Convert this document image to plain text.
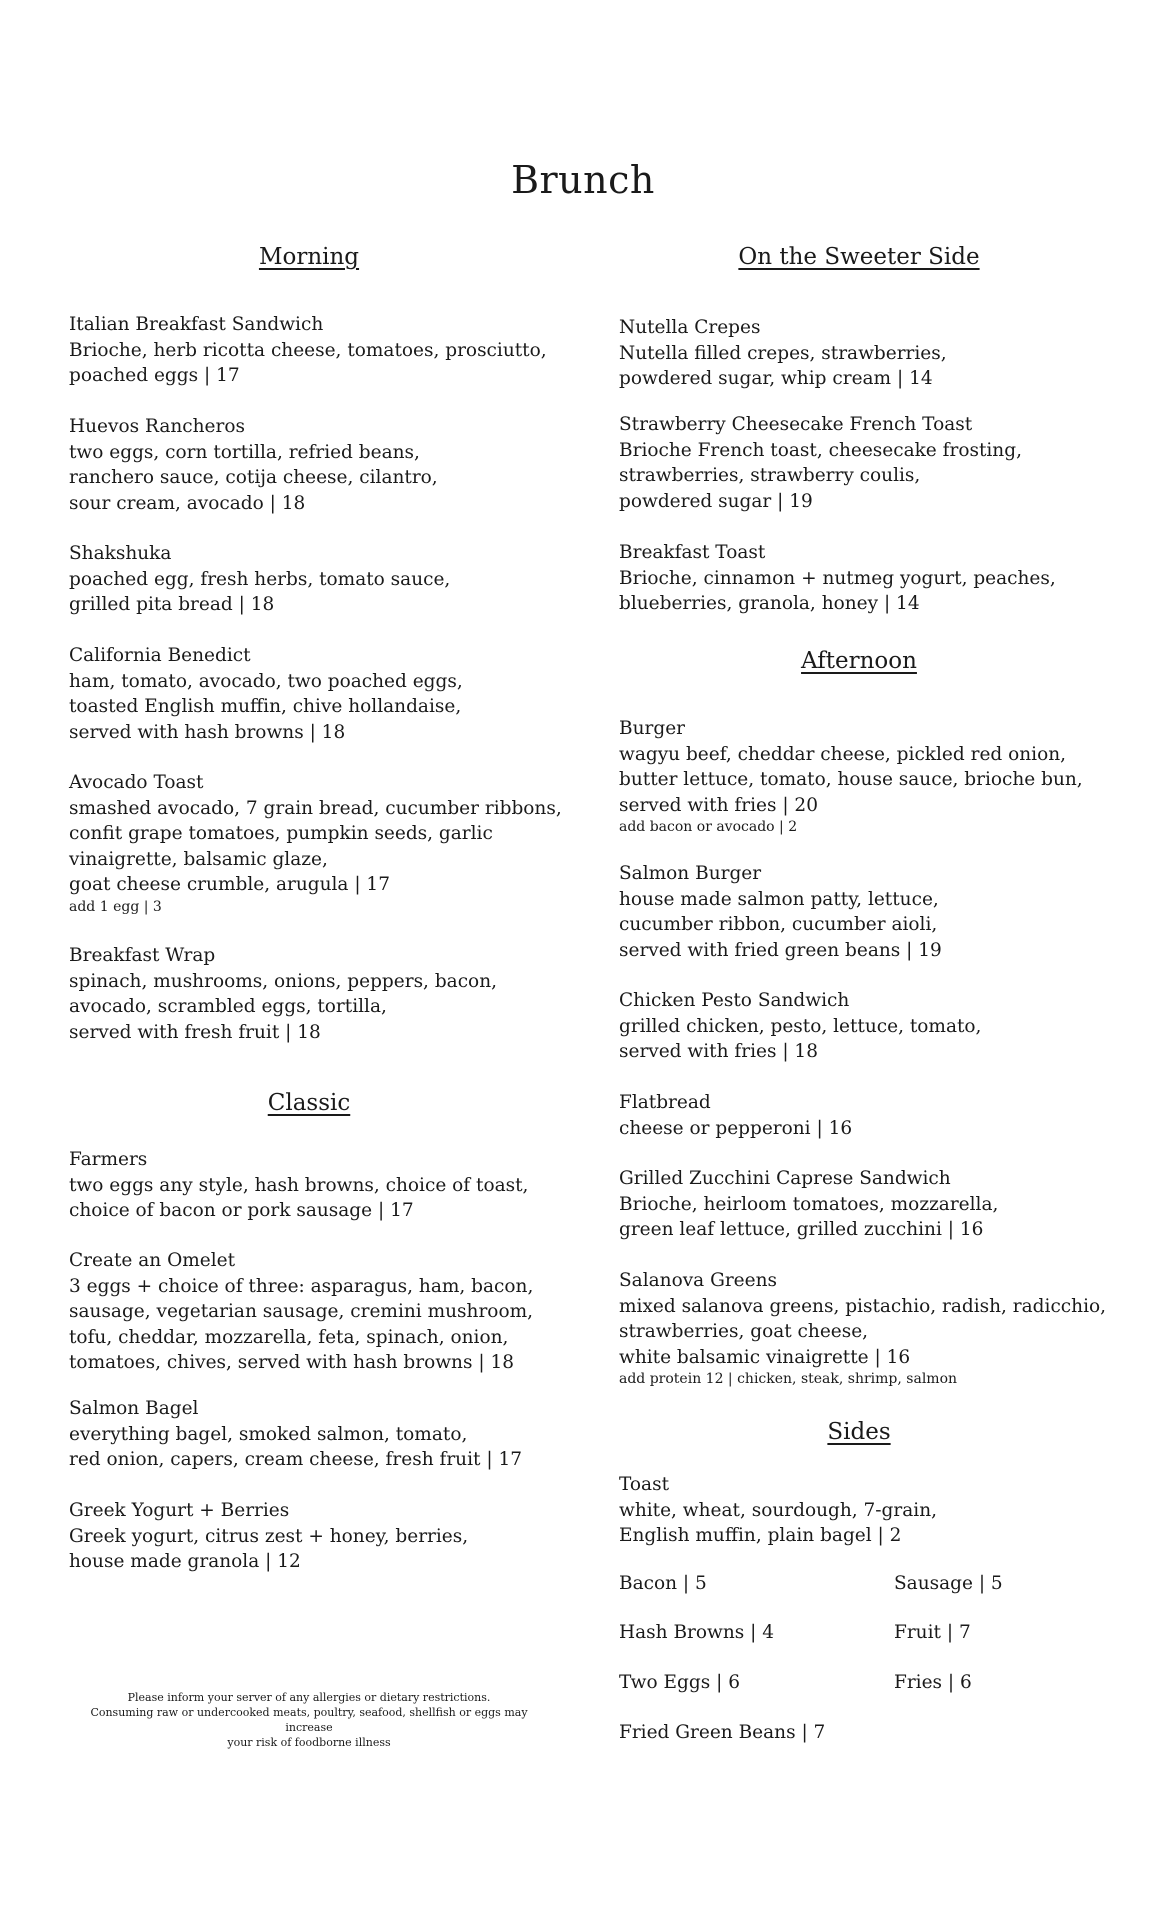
Brunch
Morning
Italian Breakfast Sandwich
Brioche, herb ricotta cheese, tomatoes, prosciutto,
poached eggs | 17
Huevos Rancheros
two eggs, corn tortilla, refried beans,
ranchero sauce, cotija cheese, cilantro,
sour cream, avocado | 18
Shakshuka
poached egg, fresh herbs, tomato sauce,
grilled pita bread | 18
California Benedict
ham, tomato, avocado, two poached eggs,
toasted English muffin, chive hollandaise,
served with hash browns | 18
Avocado Toast
smashed avocado, 7 grain bread, cucumber ribbons,
confit grape tomatoes, pumpkin seeds, garlic
vinaigrette, balsamic glaze,
goat cheese crumble, arugula | 17
add 1 egg | 3
Breakfast Wrap
spinach, mushrooms, onions, peppers, bacon,
avocado, scrambled eggs, tortilla,
served with fresh fruit | 18
Classic
Farmers
two eggs any style, hash browns, choice of toast,
choice of bacon or pork sausage | 17
Create an Omelet
3 eggs + choice of three: asparagus, ham, bacon,
sausage, vegetarian sausage, cremini mushroom,
tofu, cheddar, mozzarella, feta, spinach, onion,
tomatoes, chives, served with hash browns | 18
Salmon Bagel
everything bagel, smoked salmon, tomato,
red onion, capers, cream cheese, fresh fruit | 17
Greek Yogurt + Berries
Greek yogurt, citrus zest + honey, berries,
house made granola | 12
Please inform your server of any allergies or dietary restrictions.
Consuming raw or undercooked meats, poultry, seafood, shellfish or eggs may increase
your risk of foodborne illness
On the Sweeter Side
Nutella Crepes
Nutella filled crepes, strawberries,
powdered sugar, whip cream | 14
Strawberry Cheesecake French Toast
Brioche French toast, cheesecake frosting,
strawberries, strawberry coulis,
powdered sugar | 19
Breakfast Toast
Brioche, cinnamon + nutmeg yogurt, peaches,
blueberries, granola, honey | 14
Afternoon
Burger
wagyu beef, cheddar cheese, pickled red onion,
butter lettuce, tomato, house sauce, brioche bun,
served with fries | 20
add bacon or avocado | 2
Salmon Burger
house made salmon patty, lettuce,
cucumber ribbon, cucumber aioli,
served with fried green beans | 19
Chicken Pesto Sandwich
grilled chicken, pesto, lettuce, tomato,
served with fries | 18
Flatbread
cheese or pepperoni | 16
Grilled Zucchini Caprese Sandwich
Brioche, heirloom tomatoes, mozzarella,
green leaf lettuce, grilled zucchini | 16
Salanova Greens
mixed salanova greens, pistachio, radish, radicchio,
strawberries, goat cheese,
white balsamic vinaigrette | 16
add protein 12 | chicken, steak, shrimp, salmon
Sides
Toast
white, wheat, sourdough, 7-grain,
English muffin, plain bagel | 2
Bacon | 5	Sausage | 5
Hash Browns | 4	Fruit | 7
Two Eggs | 6	Fries | 6
Fried Green Beans | 7
